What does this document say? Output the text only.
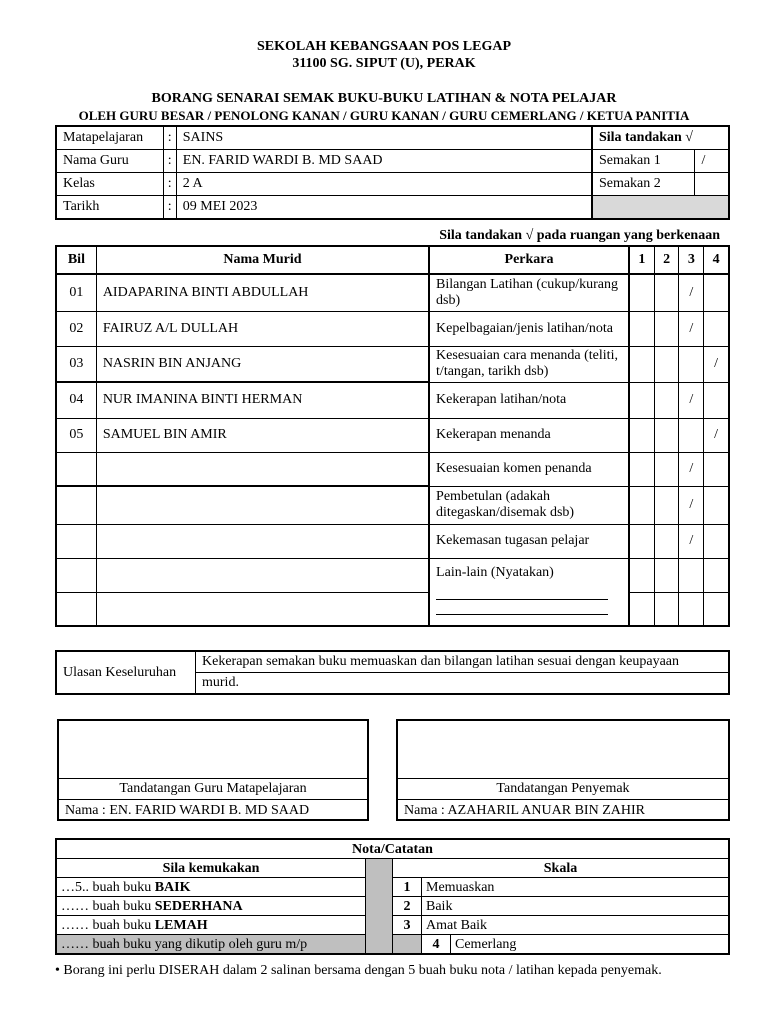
SEKOLAH KEBANGSAAN POS LEGAP
31100 SG. SIPUT (U), PERAK
BORANG SENARAI SEMAK BUKU-BUKU LATIHAN & NOTA PELAJAR
OLEH GURU BESAR / PENOLONG KANAN / GURU KANAN / GURU CEMERLANG / KETUA PANITIA
Matapelajaran	:	SAINS	Sila tandakan √	
Nama Guru	:	EN. FARID WARDI B. MD SAAD	Semakan 1	/
Kelas	:	2 A	Semakan 2	
Tarikh	:	09 MEI 2023		
Sila tandakan √ pada ruangan yang berkenaan
Bil	Nama Murid	Perkara	1	2	3	4
01	AIDAPARINA BINTI ABDULLAH	Bilangan Latihan (cukup/kurang dsb)			/	
02	FAIRUZ A/L DULLAH	Kepelbagaian/jenis latihan/nota			/	
03	NASRIN BIN ANJANG	Kesesuaian cara menanda (teliti, t/tangan, tarikh dsb)				/
04	NUR IMANINA BINTI HERMAN	Kekerapan latihan/nota			/	
05	SAMUEL BIN AMIR	Kekerapan menanda				/
		Kesesuaian komen penanda			/	
		Pembetulan (adakah ditegaskan/disemak dsb)			/	
		Kekemasan tugasan pelajar			/	
		Lain-lain (Nyatakan)

Ulasan Keseluruhan	Kekerapan semakan buku memuaskan dan bilangan latihan sesuai dengan keupayaan
murid.
Tandatangan Guru Matapelajaran
Nama : EN. FARID WARDI B. MD SAAD
Tandatangan Penyemak
Nama : AZAHARIL ANUAR BIN ZAHIR
Nota/Catatan				
Sila kemukakan		Skala		
…5.. buah buku BAIK		1	Memuaskan	
…… buah buku SEDERHANA		2	Baik	
…… buah buku LEMAH		3	Amat Baik	
…… buah buku yang dikutip oleh guru m/p			4	Cemerlang
• Borang ini perlu DISERAH dalam 2 salinan bersama dengan 5 buah buku nota / latihan kepada penyemak.
